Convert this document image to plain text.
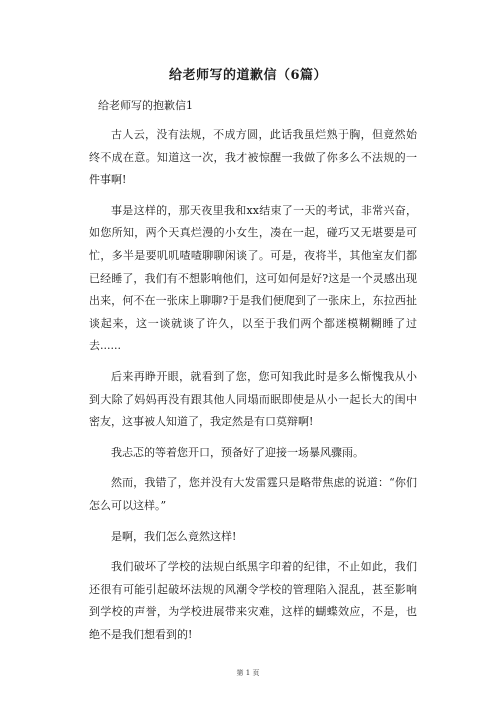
给老师写的道歉信（6篇）
给老师写的抱歉信1

古人云，没有法规，不成方圆，此话我虽烂熟于胸，但竟然始终不成在意。知道这一次，我才被惊醒一我做了你多么不法规的一件事啊!

事是这样的，那天夜里我和xx结束了一天的考试，非常兴奋，如您所知，两个天真烂漫的小女生，凑在一起，碰巧又无堪要是可忙，多半是要叽叽喳喳聊聊闲谈了。可是，夜将半，其他室友们都已经睡了，我们有不想影响他们，这可如何是好?这是一个灵感出现出来，何不在一张床上聊聊?于是我们便爬到了一张床上，东拉西扯谈起来，这一谈就谈了许久，以至于我们两个都迷模糊糊睡了过去......

后来再睁开眼，就看到了您，您可知我此时是多么惭愧我从小到大除了妈妈再没有跟其他人同塌而眠即使是从小一起长大的闺中密友，这事被人知道了，我定然是有口莫辩啊!

我忐忑的等着您开口，预备好了迎接一场暴风骤雨。

然而，我错了，您并没有大发雷霆只是略带焦虑的说道：“你们怎么可以这样。”

是啊，我们怎么竟然这样!

我们破坏了学校的法规白纸黑字印着的纪律，不止如此，我们还很有可能引起破坏法规的风潮令学校的管理陷入混乱，甚至影响到学校的声誉，为学校进展带来灾难，这样的蝴蝶效应，不是，也绝不是我们想看到的!

第 1 页
